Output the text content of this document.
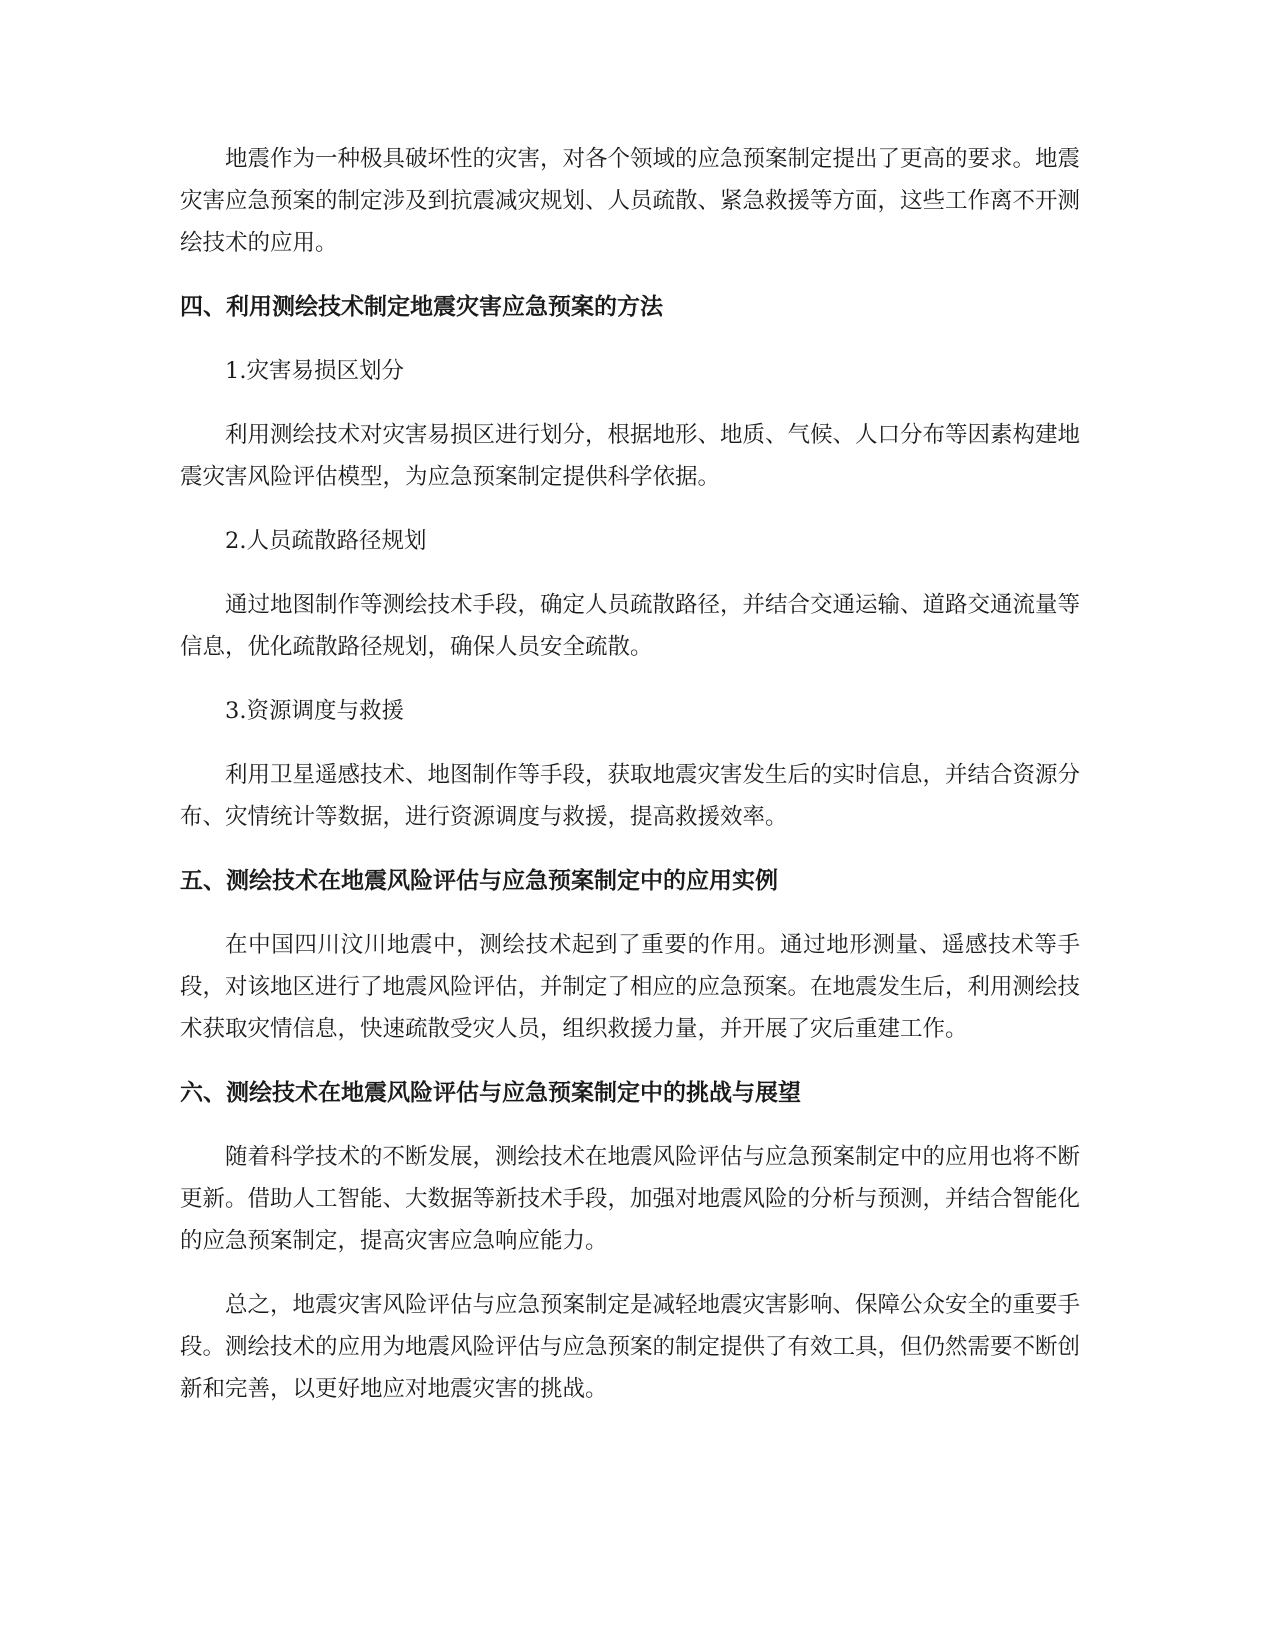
地震作为一种极具破坏性的灾害，对各个领域的应急预案制定提出了更高的要求。地震灾害应急预案的制定涉及到抗震减灾规划、人员疏散、紧急救援等方面，这些工作离不开测绘技术的应用。

四、利用测绘技术制定地震灾害应急预案的方法

1.灾害易损区划分

利用测绘技术对灾害易损区进行划分，根据地形、地质、气候、人口分布等因素构建地震灾害风险评估模型，为应急预案制定提供科学依据。

2.人员疏散路径规划

通过地图制作等测绘技术手段，确定人员疏散路径，并结合交通运输、道路交通流量等信息，优化疏散路径规划，确保人员安全疏散。

3.资源调度与救援

利用卫星遥感技术、地图制作等手段，获取地震灾害发生后的实时信息，并结合资源分布、灾情统计等数据，进行资源调度与救援，提高救援效率。

五、测绘技术在地震风险评估与应急预案制定中的应用实例

在中国四川汶川地震中，测绘技术起到了重要的作用。通过地形测量、遥感技术等手段，对该地区进行了地震风险评估，并制定了相应的应急预案。在地震发生后，利用测绘技术获取灾情信息，快速疏散受灾人员，组织救援力量，并开展了灾后重建工作。

六、测绘技术在地震风险评估与应急预案制定中的挑战与展望

随着科学技术的不断发展，测绘技术在地震风险评估与应急预案制定中的应用也将不断更新。借助人工智能、大数据等新技术手段，加强对地震风险的分析与预测，并结合智能化的应急预案制定，提高灾害应急响应能力。

总之，地震灾害风险评估与应急预案制定是减轻地震灾害影响、保障公众安全的重要手段。测绘技术的应用为地震风险评估与应急预案的制定提供了有效工具，但仍然需要不断创新和完善，以更好地应对地震灾害的挑战。
